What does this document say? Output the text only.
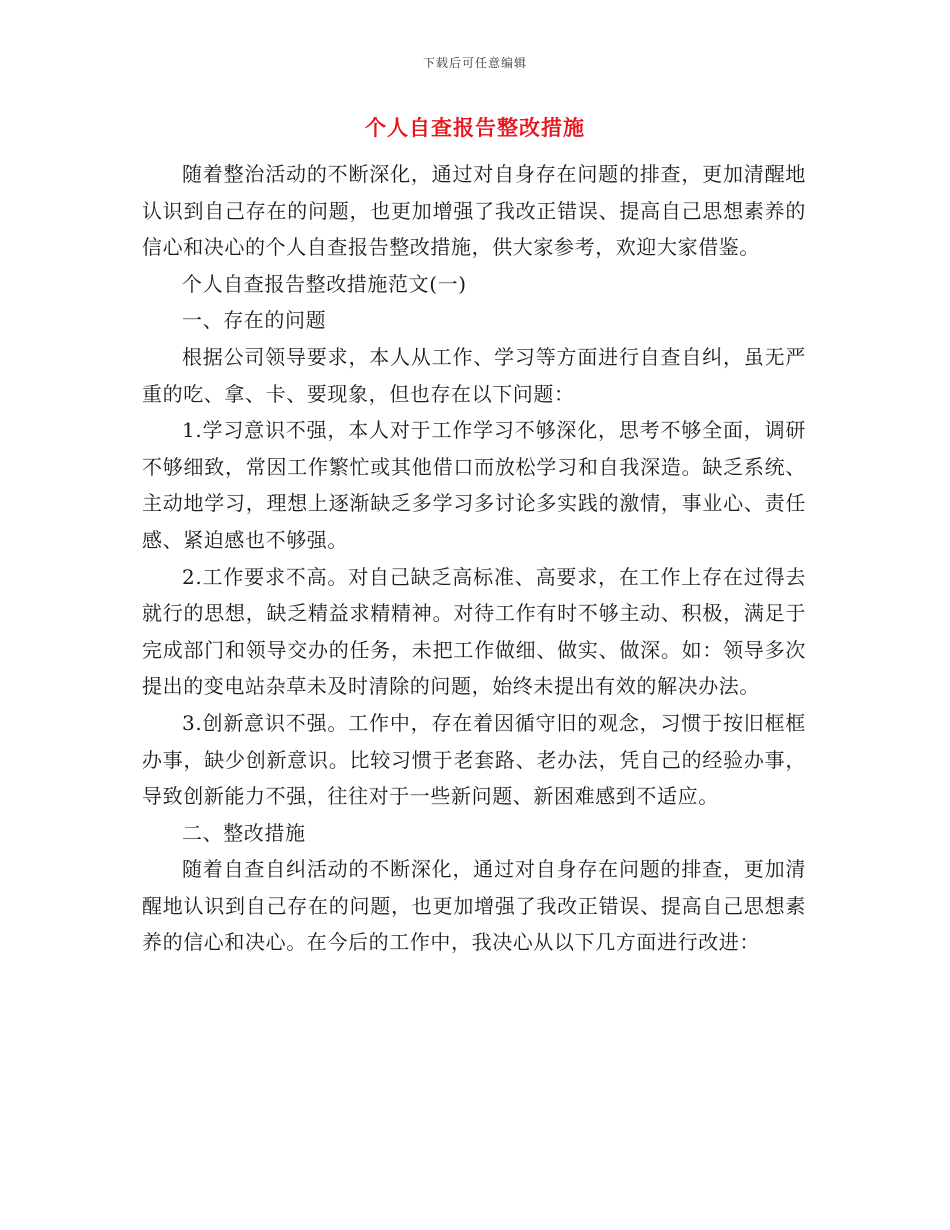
下载后可任意编辑
个人自查报告整改措施

随着整治活动的不断深化，通过对自身存在问题的排查，更加清醒地认识到自己存在的问题，也更加增强了我改正错误、提高自己思想素养的信心和决心的个人自查报告整改措施，供大家参考，欢迎大家借鉴。

个人自查报告整改措施范文(一)

一、存在的问题

根据公司领导要求，本人从工作、学习等方面进行自查自纠，虽无严重的吃、拿、卡、要现象，但也存在以下问题：

1.学习意识不强，本人对于工作学习不够深化，思考不够全面，调研不够细致，常因工作繁忙或其他借口而放松学习和自我深造。缺乏系统、主动地学习，理想上逐渐缺乏多学习多讨论多实践的激情，事业心、责任感、紧迫感也不够强。

2.工作要求不高。对自己缺乏高标准、高要求，在工作上存在过得去就行的思想，缺乏精益求精精神。对待工作有时不够主动、积极，满足于完成部门和领导交办的任务，未把工作做细、做实、做深。如：领导多次提出的变电站杂草未及时清除的问题，始终未提出有效的解决办法。

3.创新意识不强。工作中，存在着因循守旧的观念，习惯于按旧框框办事，缺少创新意识。比较习惯于老套路、老办法，凭自己的经验办事，导致创新能力不强，往往对于一些新问题、新困难感到不适应。

二、整改措施

随着自查自纠活动的不断深化，通过对自身存在问题的排查，更加清醒地认识到自己存在的问题，也更加增强了我改正错误、提高自己思想素养的信心和决心。在今后的工作中，我决心从以下几方面进行改进：
